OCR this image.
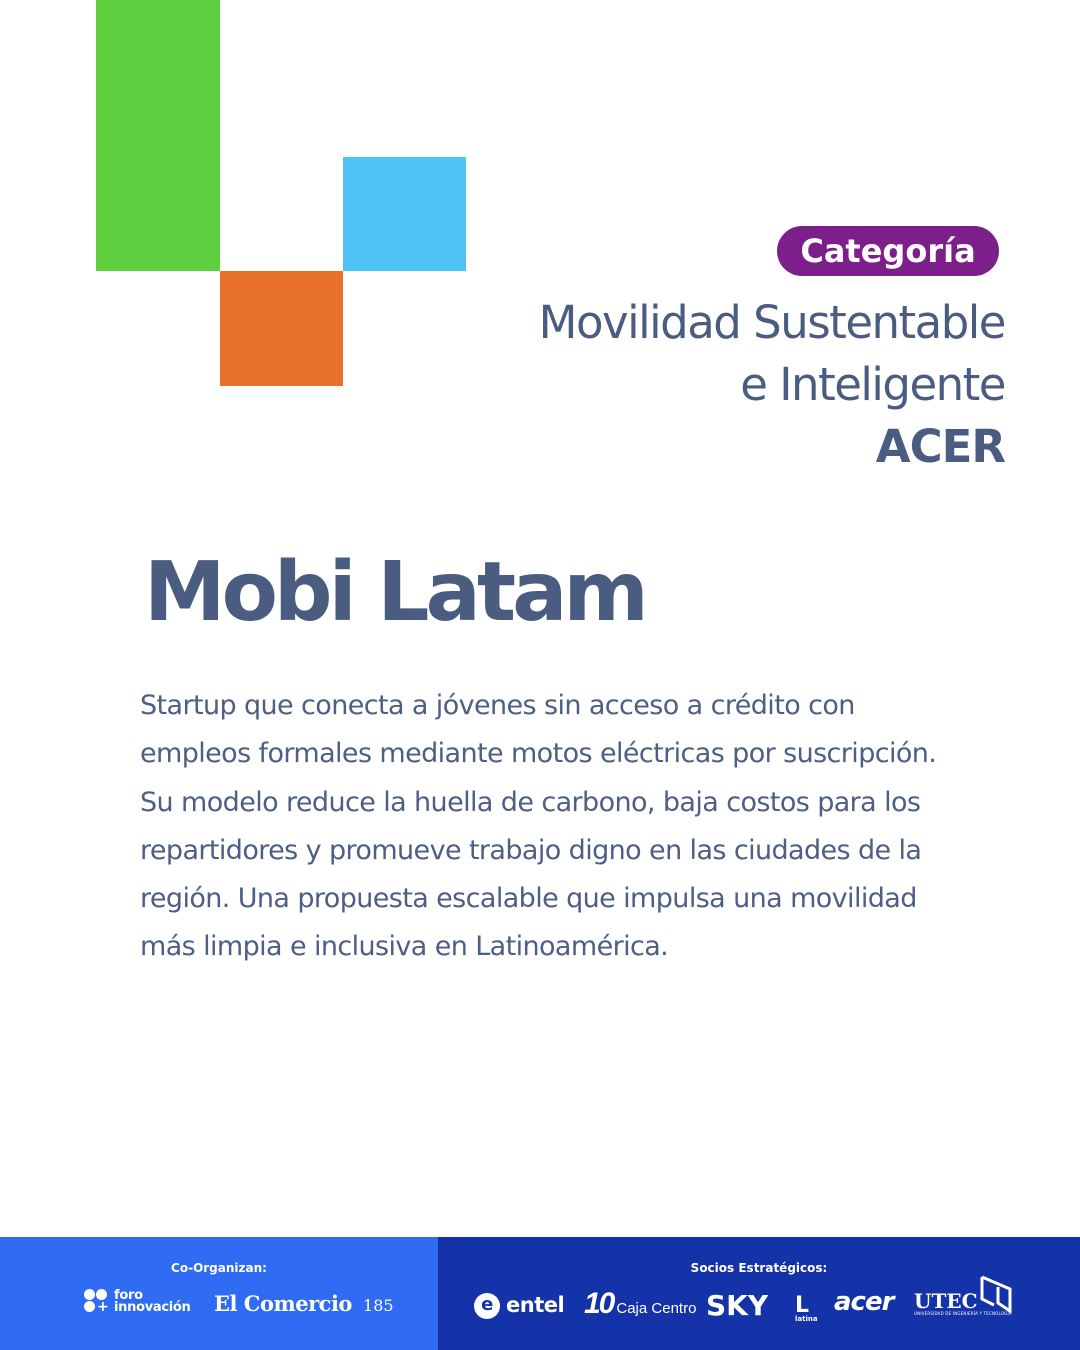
Categoría
Movilidad Sustentable
e Inteligente
ACER
Mobi Latam
Startup que conecta a jóvenes sin acceso a crédito con empleos formales mediante motos eléctricas por suscripción. Su modelo reduce la huella de carbono, baja costos para los repartidores y promueve trabajo digno en las ciudades de la región. Una propuesta escalable que impulsa una movilidad más limpia e inclusiva en Latinoamérica.
Co-Organizan:
+
foro
innovación El Comercio 185
Socios Estratégicos:
e entel 10 Caja Centro SKY L
latina
acer UTEC
UNIVERSIDAD DE INGENIERÍA Y TECNOLOGÍA
